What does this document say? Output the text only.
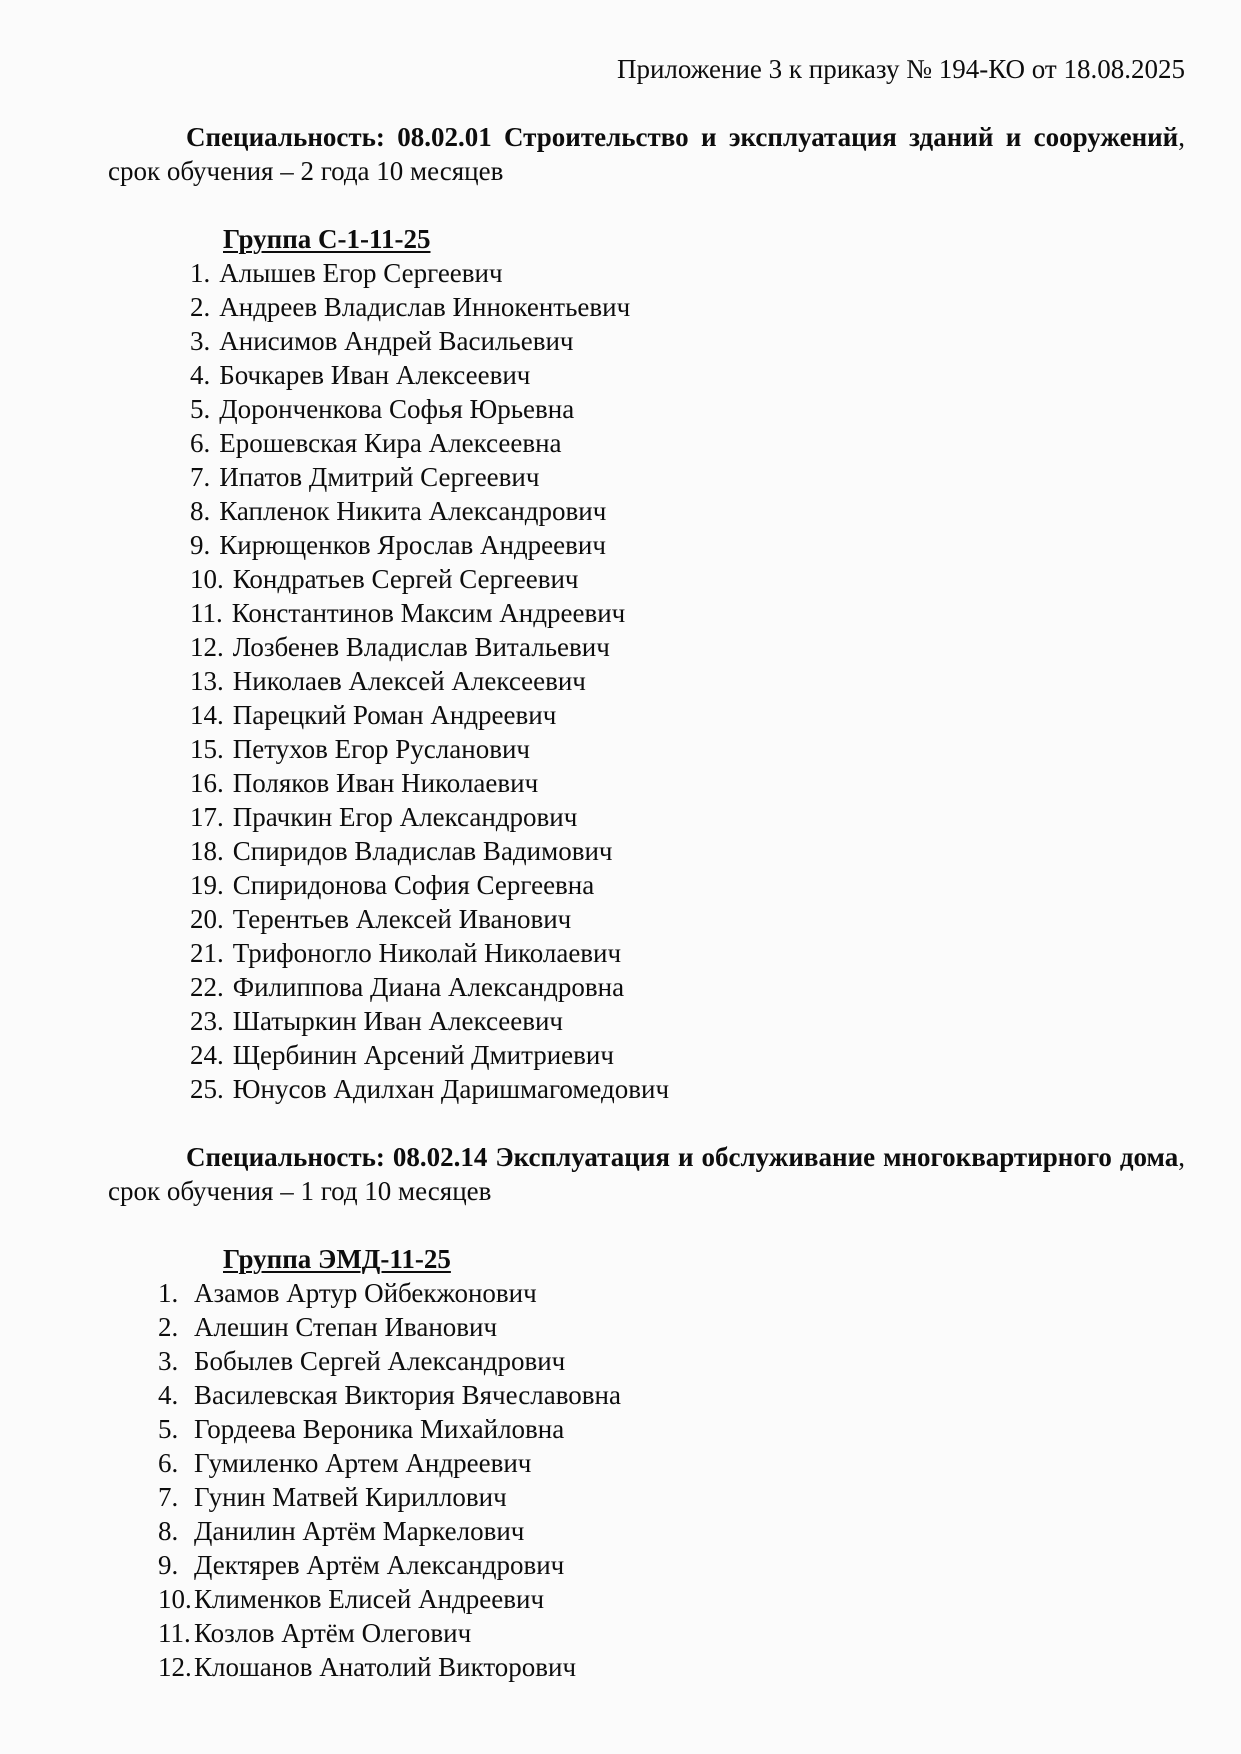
Приложение 3 к приказу № 194-КО от 18.08.2025

Специальность: 08.02.01 Строительство и эксплуатация зданий и сооружений, срок обучения – 2 года 10 месяцев

Группа С-1-11-25
1. Алышев Егор Сергеевич
2. Андреев Владислав Иннокентьевич
3. Анисимов Андрей Васильевич
4. Бочкарев Иван Алексеевич
5. Доронченкова Софья Юрьевна
6. Ерошевская Кира Алексеевна
7. Ипатов Дмитрий Сергеевич
8. Капленок Никита Александрович
9. Кирющенков Ярослав Андреевич
10. Кондратьев Сергей Сергеевич
11. Константинов Максим Андреевич
12. Лозбенев Владислав Витальевич
13. Николаев Алексей Алексеевич
14. Парецкий Роман Андреевич
15. Петухов Егор Русланович
16. Поляков Иван Николаевич
17. Прачкин Егор Александрович
18. Спиридов Владислав Вадимович
19. Спиридонова София Сергеевна
20. Терентьев Алексей Иванович
21. Трифоногло Николай Николаевич
22. Филиппова Диана Александровна
23. Шатыркин Иван Алексеевич
24. Щербинин Арсений Дмитриевич
25. Юнусов Адилхан Даришмагомедович

Специальность: 08.02.14 Эксплуатация и обслуживание многоквартирного дома, срок обучения – 1 год 10 месяцев

Группа ЭМД-11-25
1. Азамов Артур Ойбекжонович
2. Алешин Степан Иванович
3. Бобылев Сергей Александрович
4. Василевская Виктория Вячеславовна
5. Гордеева Вероника Михайловна
6. Гумиленко Артем Андреевич
7. Гунин Матвей Кириллович
8. Данилин Артём Маркелович
9. Дектярев Артём Александрович
10. Клименков Елисей Андреевич
11. Козлов Артём Олегович
12. Клошанов Анатолий Викторович
